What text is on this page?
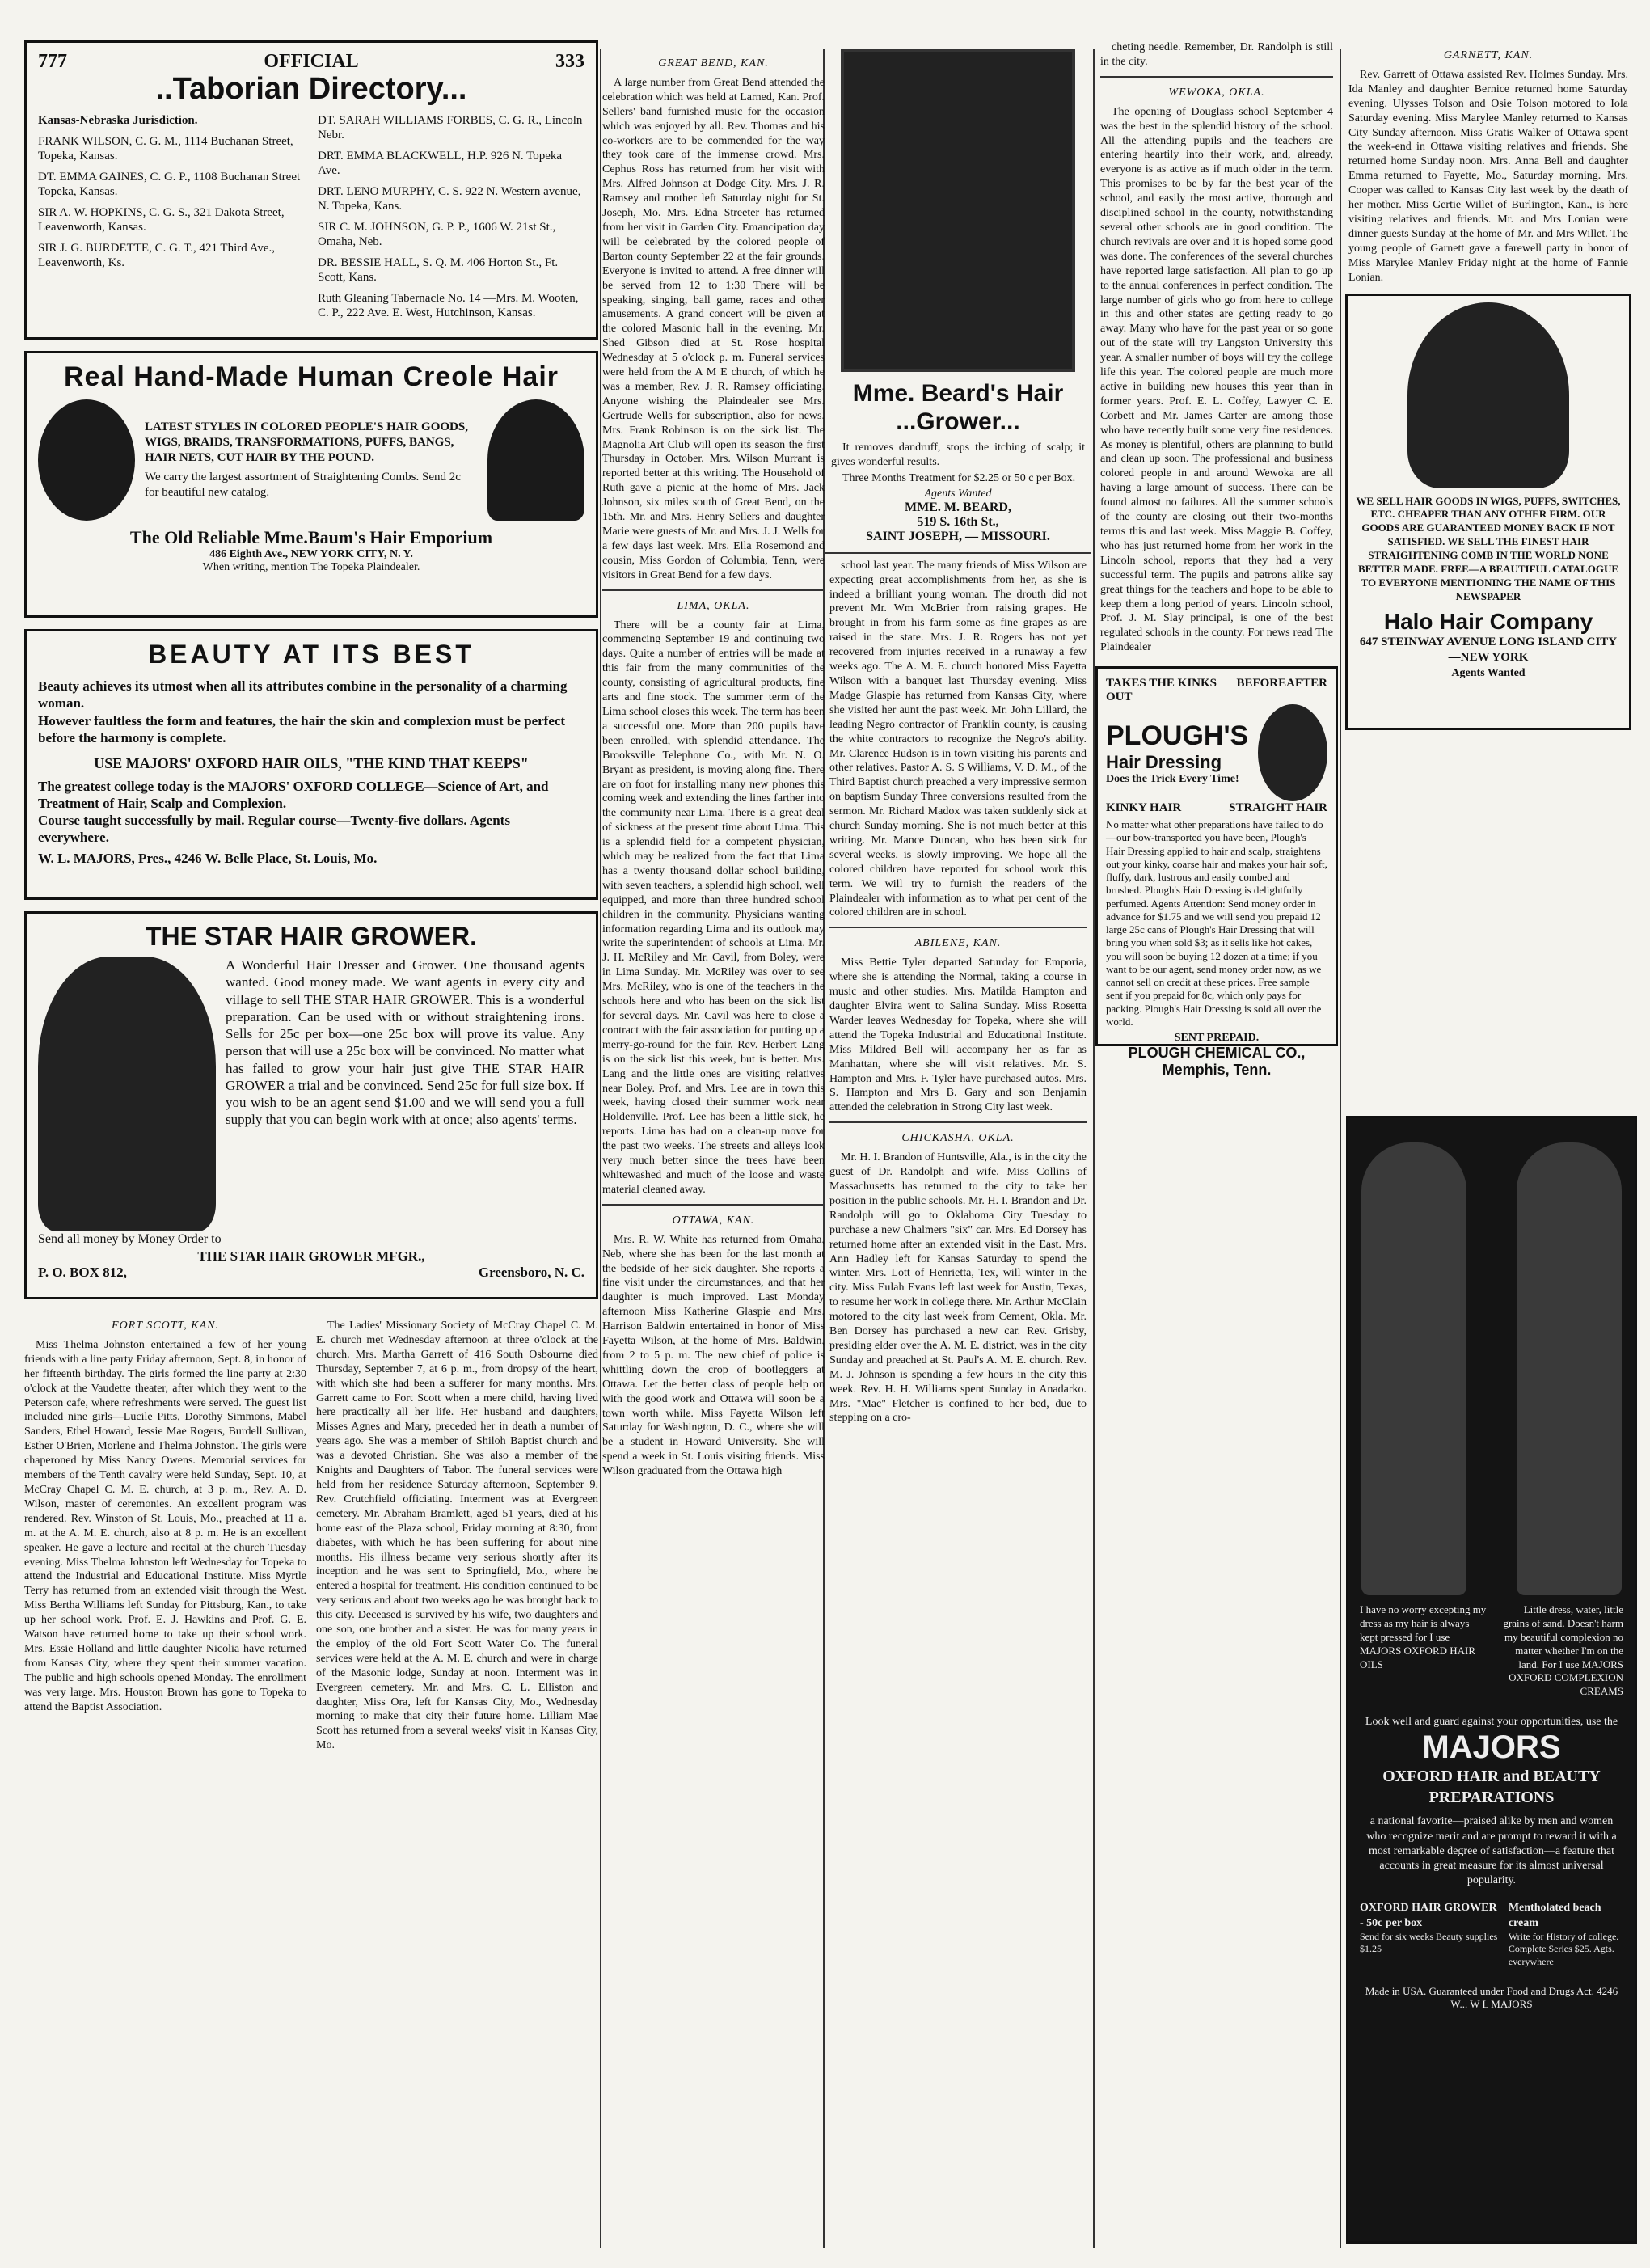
777	OFFICIAL	333
..Taborian Directory...
Kansas-Nebraska Jurisdiction.
FRANK WILSON, C. G. M., 1114 Buchanan Street, Topeka, Kansas.
DT. EMMA GAINES, C. G. P., 1108 Buchanan Street Topeka, Kansas.
SIR A. W. HOPKINS, C. G. S., 321 Dakota Street, Leavenworth, Kansas.
SIR J. G. BURDETTE, C. G. T., 421 Third Ave., Leavenworth, Ks.
DT. SARAH WILLIAMS FORBES, C. G. R., Lincoln Nebr.
DRT. EMMA BLACKWELL, H.P. 926 N. Topeka Ave.
DRT. LENO MURPHY, C. S. 922 N. Western avenue, N. Topeka, Kans.
SIR C. M. JOHNSON, G. P. P., 1606 W. 21st St., Omaha, Neb.
DR. BESSIE HALL, S. Q. M. 406 Horton St., Ft. Scott, Kans.
Ruth Gleaning Tabernacle No. 14 —Mrs. M. Wooten, C. P., 222 Ave. E. West, Hutchinson, Kansas.
Real Hand-Made Human Creole Hair
LATEST STYLES IN COLORED PEOPLE'S HAIR GOODS, WIGS, BRAIDS, TRANSFORMATIONS, PUFFS, BANGS, HAIR NETS, CUT HAIR BY THE POUND.
We carry the largest assortment of Straightening Combs. Send 2c for beautiful new catalog.
The Old Reliable Mme.Baum's Hair Emporium
486 Eighth Ave., NEW YORK CITY, N. Y.
When writing, mention The Topeka Plaindealer.
BEAUTY AT ITS BEST
Beauty achieves its utmost when all its attributes combine in the personality of a charming woman.
However faultless the form and features, the hair the skin and complexion must be perfect before the harmony is complete.
USE MAJORS' OXFORD HAIR OILS, "THE KIND THAT KEEPS"
The greatest college today is the MAJORS' OXFORD COLLEGE—Science of Art, and Treatment of Hair, Scalp and Complexion.
Course taught successfully by mail. Regular course—Twenty-five dollars. Agents everywhere.
W. L. MAJORS, Pres., 4246 W. Belle Place, St. Louis, Mo.
THE STAR HAIR GROWER.
A Wonderful Hair Dresser and Grower. One thousand agents wanted. Good money made. We want agents in every city and village to sell THE STAR HAIR GROWER. This is a wonderful preparation. Can be used with or without straightening irons. Sells for 25c per box—one 25c box will prove its value. Any person that will use a 25c box will be convinced. No matter what has failed to grow your hair just give THE STAR HAIR GROWER a trial and be convinced. Send 25c for full size box. If you wish to be an agent send $1.00 and we will send you a full supply that you can begin work with at once; also agents' terms.
Send all money by Money Order to
THE STAR HAIR GROWER MFGR.,
P. O. BOX 812,	Greensboro, N. C.
FORT SCOTT, KAN.

Miss Thelma Johnston entertained a few of her young friends with a line party Friday afternoon, Sept. 8, in honor of her fifteenth birthday. The girls formed the line party at 2:30 o'clock at the Vaudette theater, after which they went to the Peterson cafe, where refreshments were served. The guest list included nine girls—Lucile Pitts, Dorothy Simmons, Mabel Sanders, Ethel Howard, Jessie Mae Rogers, Burdell Sullivan, Esther O'Brien, Morlene and Thelma Johnston. The girls were chaperoned by Miss Nancy Owens. Memorial services for members of the Tenth cavalry were held Sunday, Sept. 10, at McCray Chapel C. M. E. church, at 3 p. m., Rev. A. D. Wilson, master of ceremonies. An excellent program was rendered. Rev. Winston of St. Louis, Mo., preached at 11 a. m. at the A. M. E. church, also at 8 p. m. He is an excellent speaker. He gave a lecture and recital at the church Tuesday evening. Miss Thelma Johnston left Wednesday for Topeka to attend the Industrial and Educational Institute. Miss Myrtle Terry has returned from an extended visit through the West. Miss Bertha Williams left Sunday for Pittsburg, Kan., to take up her school work. Prof. E. J. Hawkins and Prof. G. E. Watson have returned home to take up their school work. Mrs. Essie Holland and little daughter Nicolia have returned from Kansas City, where they spent their summer vacation. The public and high schools opened Monday. The enrollment was very large. Mrs. Houston Brown has gone to Topeka to attend the Baptist Association.

The Ladies' Missionary Society of McCray Chapel C. M. E. church met Wednesday afternoon at three o'clock at the church. Mrs. Martha Garrett of 416 South Osbourne died Thursday, September 7, at 6 p. m., from dropsy of the heart, with which she had been a sufferer for many months. Mrs. Garrett came to Fort Scott when a mere child, having lived here practically all her life. Her husband and daughters, Misses Agnes and Mary, preceded her in death a number of years ago. She was a member of Shiloh Baptist church and was a devoted Christian. She was also a member of the Knights and Daughters of Tabor. The funeral services were held from her residence Saturday afternoon, September 9, Rev. Crutchfield officiating. Interment was at Evergreen cemetery. Mr. Abraham Bramlett, aged 51 years, died at his home east of the Plaza school, Friday morning at 8:30, from diabetes, with which he has been suffering for about nine months. His illness became very serious shortly after its inception and he was sent to Springfield, Mo., where he entered a hospital for treatment. His condition continued to be very serious and about two weeks ago he was brought back to this city. Deceased is survived by his wife, two daughters and one son, one brother and a sister. He was for many years in the employ of the old Fort Scott Water Co. The funeral services were held at the A. M. E. church and were in charge of the Masonic lodge, Sunday at noon. Interment was in Evergreen cemetery. Mr. and Mrs. C. L. Elliston and daughter, Miss Ora, left for Kansas City, Mo., Wednesday morning to make that city their future home. Lilliam Mae Scott has returned from a several weeks' visit in Kansas City, Mo.

GREAT BEND, KAN.

A large number from Great Bend attended the celebration which was held at Larned, Kan. Prof. Sellers' band furnished music for the occasion which was enjoyed by all. Rev. Thomas and his co-workers are to be commended for the way they took care of the immense crowd. Mrs. Cephus Ross has returned from her visit with Mrs. Alfred Johnson at Dodge City. Mrs. J. R. Ramsey and mother left Saturday night for St. Joseph, Mo. Mrs. Edna Streeter has returned from her visit in Garden City. Emancipation day will be celebrated by the colored people of Barton county September 22 at the fair grounds. Everyone is invited to attend. A free dinner will be served from 12 to 1:30 There will be speaking, singing, ball game, races and other amusements. A grand concert will be given at the colored Masonic hall in the evening. Mr. Shed Gibson died at St. Rose hospital Wednesday at 5 o'clock p. m. Funeral services were held from the A M E church, of which he was a member, Rev. J. R. Ramsey officiating. Anyone wishing the Plaindealer see Mrs. Gertrude Wells for subscription, also for news. Mrs. Frank Robinson is on the sick list. The Magnolia Art Club will open its season the first Thursday in October. Mrs. Wilson Murrant is reported better at this writing. The Household of Ruth gave a picnic at the home of Mrs. Jack Johnson, six miles south of Great Bend, on the 15th. Mr. and Mrs. Henry Sellers and daughter Marie were guests of Mr. and Mrs. J. J. Wells for a few days last week. Mrs. Ella Rosemond and cousin, Miss Gordon of Columbia, Tenn, were visitors in Great Bend for a few days.

LIMA, OKLA.

There will be a county fair at Lima, commencing September 19 and continuing two days. Quite a number of entries will be made at this fair from the many communities of the county, consisting of agricultural products, fine arts and fine stock. The summer term of the Lima school closes this week. The term has been a successful one. More than 200 pupils have been enrolled, with splendid attendance. The Brooksville Telephone Co., with Mr. N. O. Bryant as president, is moving along fine. There are on foot for installing many new phones this coming week and extending the lines farther into the community near Lima. There is a great deal of sickness at the present time about Lima. This is a splendid field for a competent physician, which may be realized from the fact that Lima has a twenty thousand dollar school building, with seven teachers, a splendid high school, well equipped, and more than three hundred school children in the community. Physicians wanting information regarding Lima and its outlook may write the superintendent of schools at Lima. Mr. J. H. McRiley and Mr. Cavil, from Boley, were in Lima Sunday. Mr. McRiley was over to see Mrs. McRiley, who is one of the teachers in the schools here and who has been on the sick list for several days. Mr. Cavil was here to close a contract with the fair association for putting up a merry-go-round for the fair. Rev. Herbert Lang is on the sick list this week, but is better. Mrs. Lang and the little ones are visiting relatives near Boley. Prof. and Mrs. Lee are in town this week, having closed their summer work near Holdenville. Prof. Lee has been a little sick, he reports. Lima has had on a clean-up move for the past two weeks. The streets and alleys look very much better since the trees have been whitewashed and much of the loose and waste material cleaned away.

OTTAWA, KAN.

Mrs. R. W. White has returned from Omaha, Neb, where she has been for the last month at the bedside of her sick daughter. She reports a fine visit under the circumstances, and that her daughter is much improved. Last Monday afternoon Miss Katherine Glaspie and Mrs. Harrison Baldwin entertained in honor of Miss Fayetta Wilson, at the home of Mrs. Baldwin, from 2 to 5 p. m. The new chief of police is whittling down the crop of bootleggers at Ottawa. Let the better class of people help on with the good work and Ottawa will soon be a town worth while. Miss Fayetta Wilson left Saturday for Washington, D. C., where she will be a student in Howard University. She will spend a week in St. Louis visiting friends. Miss Wilson graduated from the Ottawa high

Mme. Beard's Hair ...Grower...

It removes dandruff, stops the itching of scalp; it gives wonderful results.

Three Months Treatment for $2.25 or 50 c per Box.

Agents Wanted
MME. M. BEARD,
519 S. 16th St.,
SAINT JOSEPH, — MISSOURI.

school last year. The many friends of Miss Wilson are expecting great accomplishments from her, as she is indeed a brilliant young woman. The drouth did not prevent Mr. Wm McBrier from raising grapes. He brought in from his farm some as fine grapes as are raised in the state. Mrs. J. R. Rogers has not yet recovered from injuries received in a runaway a few weeks ago. The A. M. E. church honored Miss Fayetta Wilson with a banquet last Thursday evening. Miss Madge Glaspie has returned from Kansas City, where she visited her aunt the past week. Mr. John Lillard, the leading Negro contractor of Franklin county, is causing the white contractors to recognize the Negro's ability. Mr. Clarence Hudson is in town visiting his parents and other relatives. Pastor A. S. S Williams, V. D. M., of the Third Baptist church preached a very impressive sermon on baptism Sunday Three conversions resulted from the sermon. Mr. Richard Madox was taken suddenly sick at church Sunday morning. She is not much better at this writing. Mr. Mance Duncan, who has been sick for several weeks, is slowly improving. We hope all the colored children have reported for school work this term. We will try to furnish the readers of the Plaindealer with information as to what per cent of the colored children are in school.

ABILENE, KAN.

Miss Bettie Tyler departed Saturday for Emporia, where she is attending the Normal, taking a course in music and other studies. Mrs. Matilda Hampton and daughter Elvira went to Salina Sunday. Miss Rosetta Warder leaves Wednesday for Topeka, where she will attend the Topeka Industrial and Educational Institute. Miss Mildred Bell will accompany her as far as Manhattan, where she will visit relatives. Mr. S. Hampton and Mrs. F. Tyler have purchased autos. Mrs. S. Hampton and Mrs B. Gary and son Benjamin attended the celebration in Strong City last week.

CHICKASHA, OKLA.

Mr. H. I. Brandon of Huntsville, Ala., is in the city the guest of Dr. Randolph and wife. Miss Collins of Massachusetts has returned to the city to take her position in the public schools. Mr. H. I. Brandon and Dr. Randolph will go to Oklahoma City Tuesday to purchase a new Chalmers "six" car. Mrs. Ed Dorsey has returned home after an extended visit in the East. Mrs. Ann Hadley left for Kansas Saturday to spend the winter. Mrs. Lott of Henrietta, Tex, will winter in the city. Miss Eulah Evans left last week for Austin, Texas, to resume her work in college there. Mr. Arthur McClain motored to the city last week from Cement, Okla. Mr. Ben Dorsey has purchased a new car. Rev. Grisby, presiding elder over the A. M. E. district, was in the city Sunday and preached at St. Paul's A. M. E. church. Rev. M. J. Johnson is spending a few hours in the city this week. Rev. H. H. Williams spent Sunday in Anadarko. Mrs. "Mac" Fletcher is confined to her bed, due to stepping on a cro-

cheting needle. Remember, Dr. Randolph is still in the city.

WEWOKA, OKLA.

The opening of Douglass school September 4 was the best in the splendid history of the school. All the attending pupils and the teachers are entering heartily into their work, and, already, everyone is as active as if much older in the term. This promises to be by far the best year of the school, and easily the most active, thorough and disciplined school in the county, notwithstanding several other schools are in good condition. The church revivals are over and it is hoped some good was done. The conferences of the several churches have reported large satisfaction. All plan to go up to the annual conferences in perfect condition. The large number of girls who go from here to college in this and other states are getting ready to go away. Many who have for the past year or so gone out of the state will try Langston University this year. A smaller number of boys will try the college life this year. The colored people are much more active in building new houses this year than in former years. Prof. E. L. Coffey, Lawyer C. E. Corbett and Mr. James Carter are among those who have recently built some very fine residences. As money is plentiful, others are planning to build and clean up soon. The professional and business colored people in and around Wewoka are all having a large amount of success. There can be found almost no failures. All the summer schools of the county are closing out their two-months terms this and last week. Miss Maggie B. Coffey, who has just returned home from her work in the Lincoln school, reports that they had a very successful term. The pupils and patrons alike say great things for the teachers and hope to be able to keep them a long period of years. Lincoln school, Prof. J. M. Slay principal, is one of the best regulated schools in the county. For news read The Plaindealer

TAKES THE KINKS OUT
BEFORE AFTER
PLOUGH'S
Hair Dressing
Does the Trick Every Time!
KINKY HAIR	STRAIGHT HAIR
No matter what other preparations have failed to do—our bow-transported you have been, Plough's Hair Dressing applied to hair and scalp, straightens out your kinky, coarse hair and makes your hair soft, fluffy, dark, lustrous and easily combed and brushed. Plough's Hair Dressing is delightfully perfumed. Agents Attention: Send money order in advance for $1.75 and we will send you prepaid 12 large 25c cans of Plough's Hair Dressing that will bring you when sold $3; as it sells like hot cakes, you will soon be buying 12 dozen at a time; if you want to be our agent, send money order now, as we cannot sell on credit at these prices. Free sample sent if you prepaid for 8c, which only pays for packing. Plough's Hair Dressing is sold all over the world.
SENT PREPAID.
PLOUGH CHEMICAL CO., Memphis, Tenn.
GARNETT, KAN.

Rev. Garrett of Ottawa assisted Rev. Holmes Sunday. Mrs. Ida Manley and daughter Bernice returned home Saturday evening. Ulysses Tolson and Osie Tolson motored to Iola Saturday evening. Miss Marylee Manley returned to Kansas City Sunday afternoon. Miss Gratis Walker of Ottawa spent the week-end in Ottawa visiting relatives and friends. She returned home Sunday noon. Mrs. Anna Bell and daughter Emma returned to Fayette, Mo., Saturday morning. Mrs. Cooper was called to Kansas City last week by the death of her mother. Miss Gertie Willet of Burlington, Kan., is here visiting relatives and friends. Mr. and Mrs Lonian were dinner guests Sunday at the home of Mr. and Mrs Willet. The young people of Garnett gave a farewell party in honor of Miss Marylee Manley Friday night at the home of Fannie Lonian.

WE SELL HAIR GOODS IN WIGS, PUFFS, SWITCHES, ETC. CHEAPER THAN ANY OTHER FIRM. OUR GOODS ARE GUARANTEED MONEY BACK IF NOT SATISFIED. WE SELL THE FINEST HAIR STRAIGHTENING COMB IN THE WORLD NONE BETTER MADE. FREE—A BEAUTIFUL CATALOGUE TO EVERYONE MENTIONING THE NAME OF THIS NEWSPAPER
Halo Hair Company
647 STEINWAY AVENUE LONG ISLAND CITY—NEW YORK
Agents Wanted
I have no worry excepting my dress as my hair is always kept pressed for I use MAJORS OXFORD HAIR OILS
Little dress, water, little grains of sand. Doesn't harm my beautiful complexion no matter whether I'm on the land. For I use MAJORS OXFORD COMPLEXION CREAMS
Look well and guard against your opportunities, use the
MAJORS
OXFORD HAIR and BEAUTY PREPARATIONS
a national favorite—praised alike by men and women who recognize merit and are prompt to reward it with a most remarkable degree of satisfaction—a feature that accounts in great measure for its almost universal popularity.
OXFORD HAIR GROWER - 50c per box
Send for six weeks Beauty supplies $1.25
Mentholated beach cream
Write for History of college. Complete Series $25. Agts. everywhere
Made in USA. Guaranteed under Food and Drugs Act. 4246 W... W L MAJORS
